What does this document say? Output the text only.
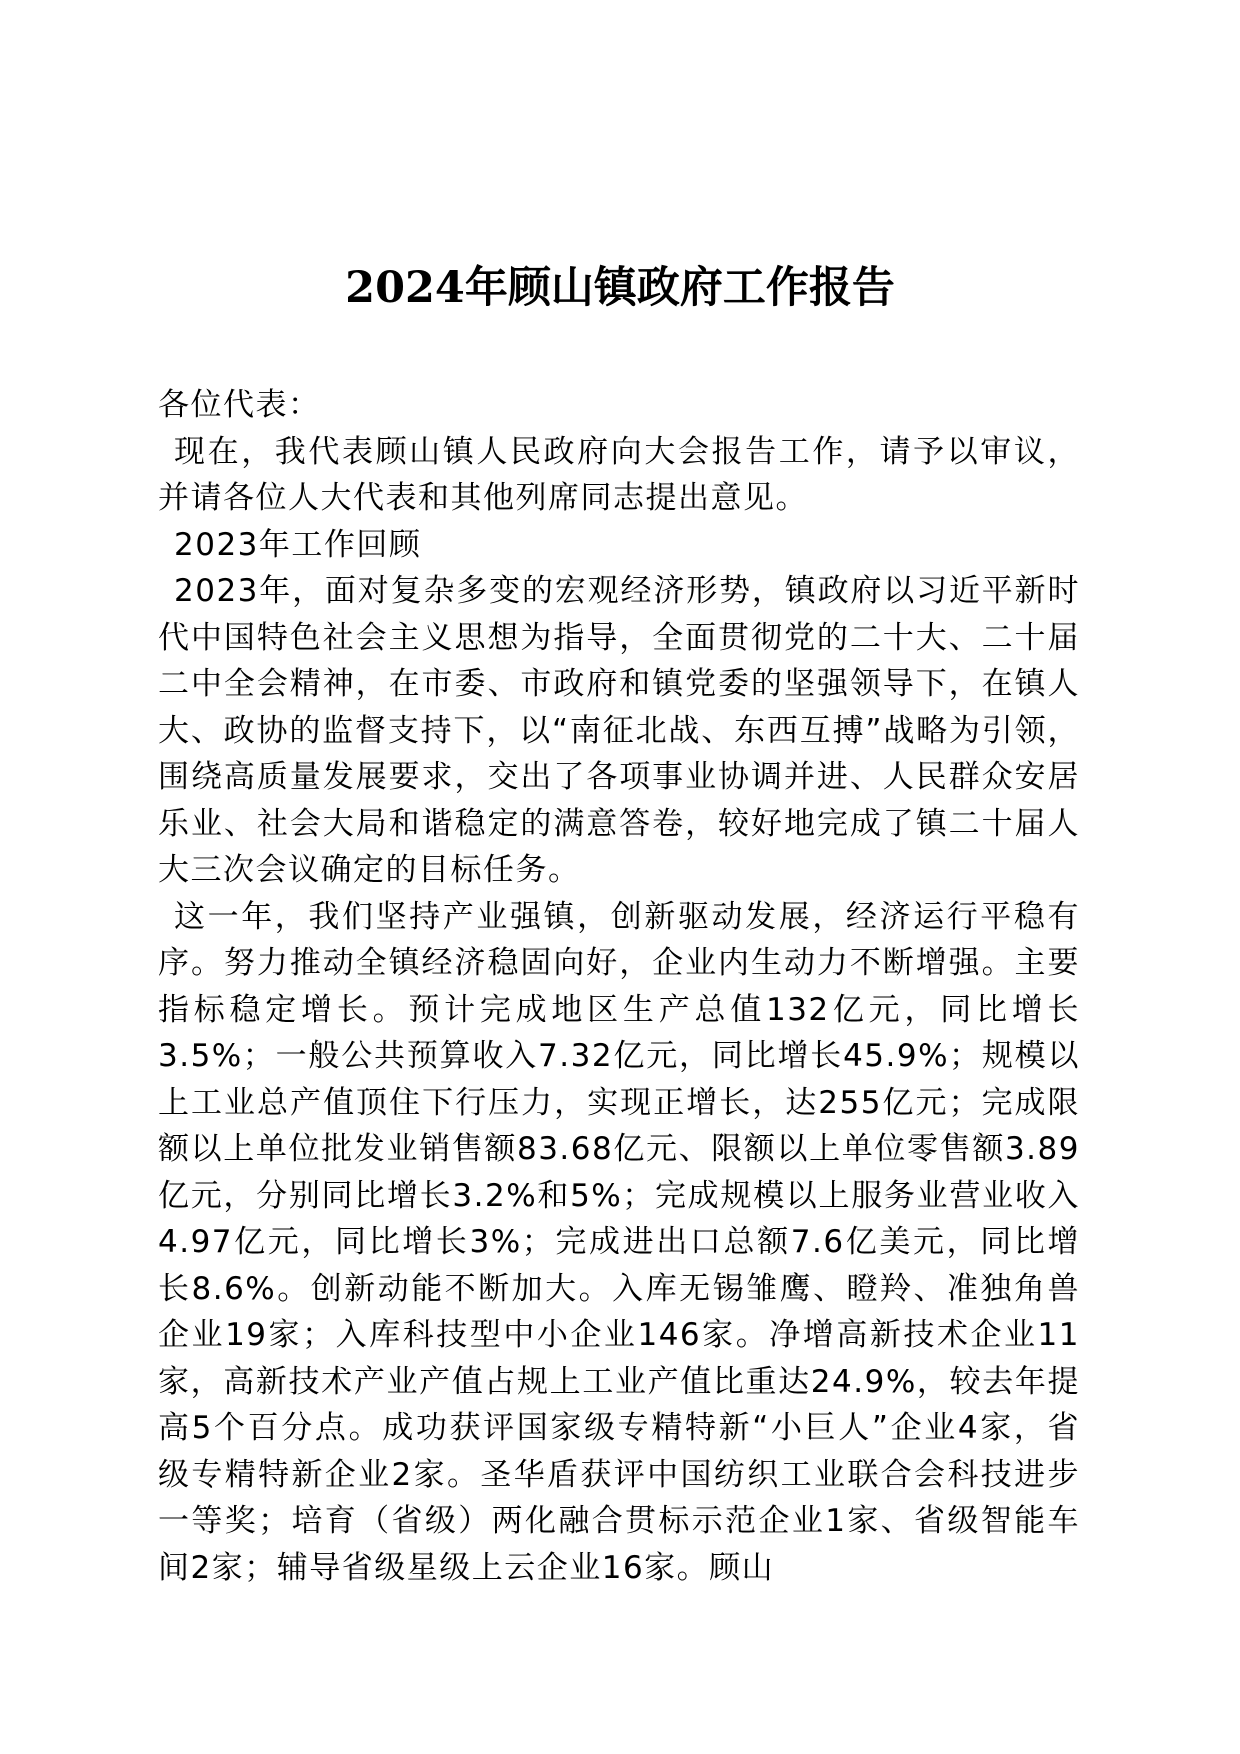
2024年顾山镇政府工作报告

各位代表：

现在，我代表顾山镇人民政府向大会报告工作，请予以审议，并请各位人大代表和其他列席同志提出意见。

2023年工作回顾

2023年，面对复杂多变的宏观经济形势，镇政府以习近平新时代中国特色社会主义思想为指导，全面贯彻党的二十大、二十届二中全会精神，在市委、市政府和镇党委的坚强领导下，在镇人大、政协的监督支持下，以“南征北战、东西互搏”战略为引领，围绕高质量发展要求，交出了各项事业协调并进、人民群众安居乐业、社会大局和谐稳定的满意答卷，较好地完成了镇二十届人大三次会议确定的目标任务。

这一年，我们坚持产业强镇，创新驱动发展，经济运行平稳有序。努力推动全镇经济稳固向好，企业内生动力不断增强。主要指标稳定增长。预计完成地区生产总值132亿元，同比增长3.5%；一般公共预算收入7.32亿元，同比增长45.9%；规模以上工业总产值顶住下行压力，实现正增长，达255亿元；完成限额以上单位批发业销售额83.68亿元、限额以上单位零售额3.89亿元，分别同比增长3.2%和5%；完成规模以上服务业营业收入4.97亿元，同比增长3%；完成进出口总额7.6亿美元，同比增长8.6%。创新动能不断加大。入库无锡雏鹰、瞪羚、准独角兽企业19家；入库科技型中小企业146家。净增高新技术企业11家，高新技术产业产值占规上工业产值比重达24.9%，较去年提高5个百分点。成功获评国家级专精特新“小巨人”企业4家，省级专精特新企业2家。圣华盾获评中国纺织工业联合会科技进步一等奖；培育（省级）两化融合贯标示范企业1家、省级智能车间2家；辅导省级星级上云企业16家。顾山
